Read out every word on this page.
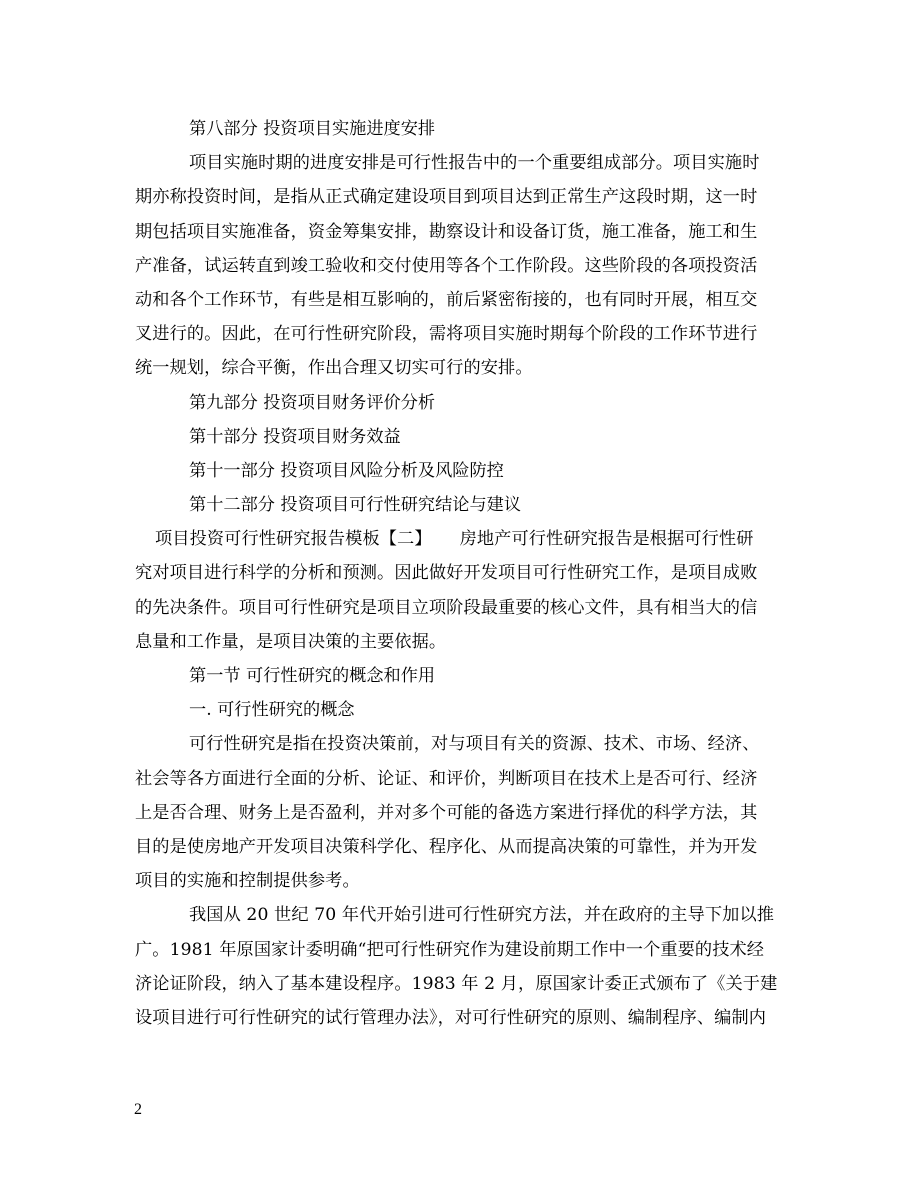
第八部分 投资项目实施进度安排
项目实施时期的进度安排是可行性报告中的一个重要组成部分。项目实施时
期亦称投资时间，是指从正式确定建设项目到项目达到正常生产这段时期，这一时
期包括项目实施准备，资金筹集安排，勘察设计和设备订货，施工准备，施工和生
产准备，试运转直到竣工验收和交付使用等各个工作阶段。这些阶段的各项投资活
动和各个工作环节，有些是相互影响的，前后紧密衔接的，也有同时开展，相互交
叉进行的。因此，在可行性研究阶段，需将项目实施时期每个阶段的工作环节进行
统一规划，综合平衡，作出合理又切实可行的安排。
第九部分 投资项目财务评价分析
第十部分 投资项目财务效益
第十一部分 投资项目风险分析及风险防控
第十二部分 投资项目可行性研究结论与建议
项目投资可行性研究报告模板【二】 房地产可行性研究报告是根据可行性研
究对项目进行科学的分析和预测。因此做好开发项目可行性研究工作，是项目成败
的先决条件。项目可行性研究是项目立项阶段最重要的核心文件，具有相当大的信
息量和工作量，是项目决策的主要依据。
第一节 可行性研究的概念和作用
一. 可行性研究的概念
可行性研究是指在投资决策前，对与项目有关的资源、技术、市场、经济、
社会等各方面进行全面的分析、论证、和评价，判断项目在技术上是否可行、经济
上是否合理、财务上是否盈利，并对多个可能的备选方案进行择优的科学方法，其
目的是使房地产开发项目决策科学化、程序化、从而提高决策的可靠性，并为开发
项目的实施和控制提供参考。
我国从 20 世纪 70 年代开始引进可行性研究方法，并在政府的主导下加以推
广。1981 年原国家计委明确“把可行性研究作为建设前期工作中一个重要的技术经
济论证阶段，纳入了基本建设程序。1983 年 2 月，原国家计委正式颁布了《关于建
设项目进行可行性研究的试行管理办法》，对可行性研究的原则、编制程序、编制内
2
